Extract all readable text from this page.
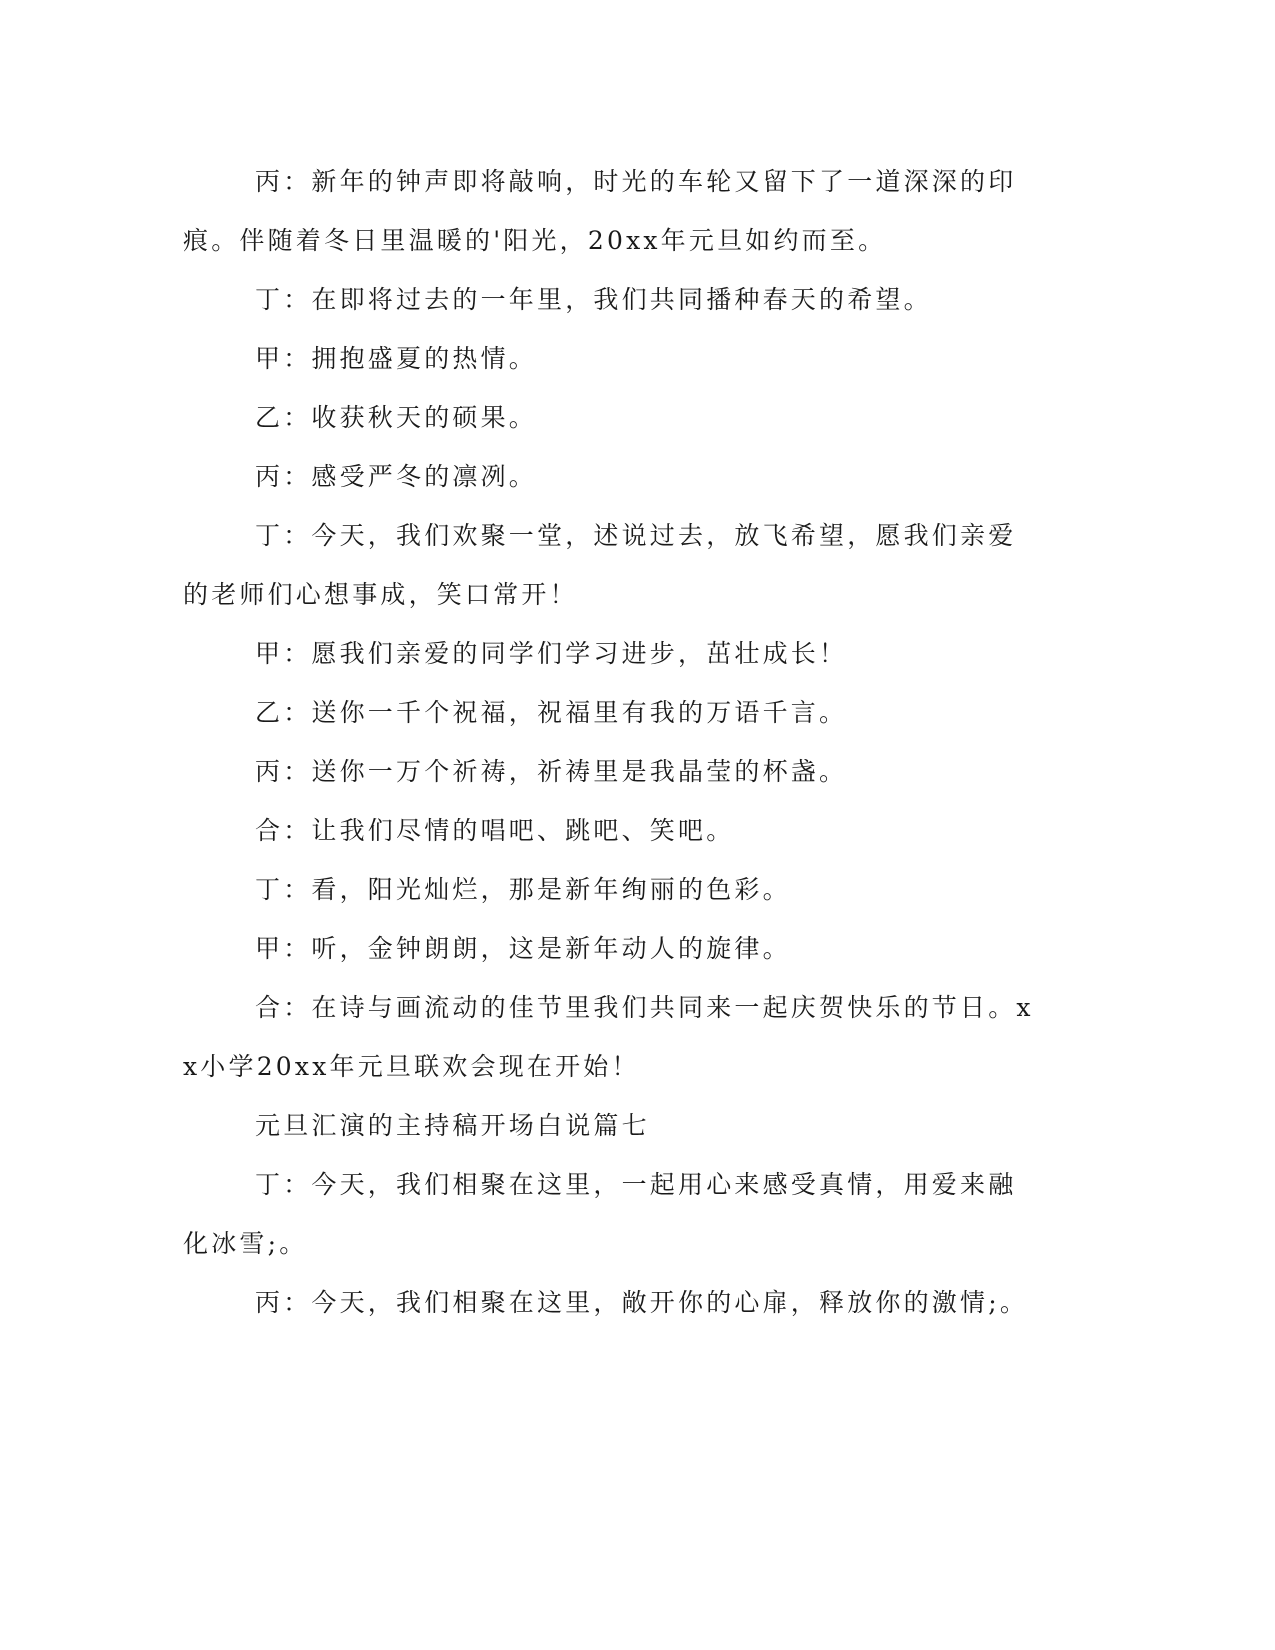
丙：新年的钟声即将敲响，时光的车轮又留下了一道深深的印痕。伴随着冬日里温暖的'阳光，20xx年元旦如约而至。

丁：在即将过去的一年里，我们共同播种春天的希望。

甲：拥抱盛夏的热情。

乙：收获秋天的硕果。

丙：感受严冬的凛冽。

丁：今天，我们欢聚一堂，述说过去，放飞希望，愿我们亲爱的老师们心想事成，笑口常开！

甲：愿我们亲爱的同学们学习进步，茁壮成长！

乙：送你一千个祝福，祝福里有我的万语千言。

丙：送你一万个祈祷，祈祷里是我晶莹的杯盏。

合：让我们尽情的唱吧、跳吧、笑吧。

丁：看，阳光灿烂，那是新年绚丽的色彩。

甲：听，金钟朗朗，这是新年动人的旋律。

合：在诗与画流动的佳节里我们共同来一起庆贺快乐的节日。xx小学20xx年元旦联欢会现在开始！

元旦汇演的主持稿开场白说篇七

丁：今天，我们相聚在这里，一起用心来感受真情，用爱来融化冰雪;。

丙：今天，我们相聚在这里，敞开你的心扉，释放你的激情;。
